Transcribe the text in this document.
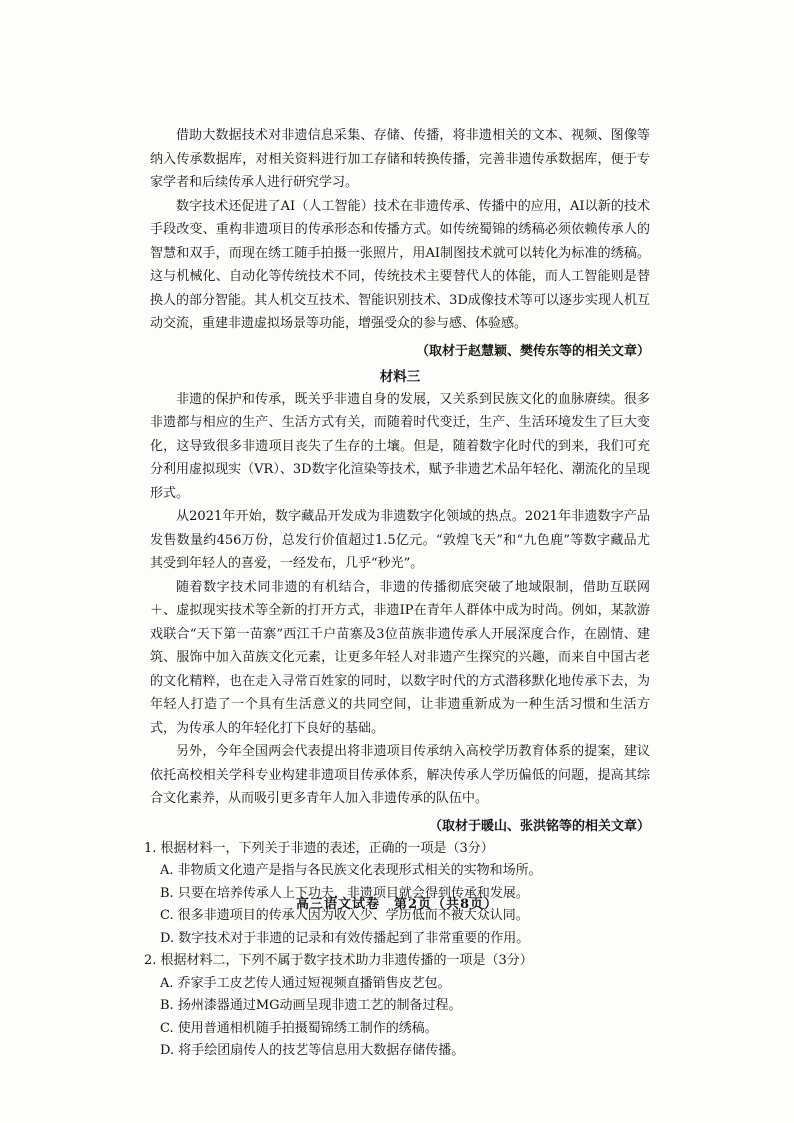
借助大数据技术对非遗信息采集、存储、传播，将非遗相关的文本、视频、图像等纳入传承数据库，对相关资料进行加工存储和转换传播，完善非遗传承数据库，便于专家学者和后续传承人进行研究学习。

数字技术还促进了AI（人工智能）技术在非遗传承、传播中的应用，AI以新的技术手段改变、重构非遗项目的传承形态和传播方式。如传统蜀锦的绣稿必须依赖传承人的智慧和双手，而现在绣工随手拍摄一张照片，用AI制图技术就可以转化为标准的绣稿。这与机械化、自动化等传统技术不同，传统技术主要替代人的体能，而人工智能则是替换人的部分智能。其人机交互技术、智能识别技术、3D成像技术等可以逐步实现人机互动交流，重建非遗虚拟场景等功能，增强受众的参与感、体验感。

（取材于赵慧颖、樊传东等的相关文章）

材料三

非遗的保护和传承，既关乎非遗自身的发展，又关系到民族文化的血脉赓续。很多非遗都与相应的生产、生活方式有关，而随着时代变迁，生产、生活环境发生了巨大变化，这导致很多非遗项目丧失了生存的土壤。但是，随着数字化时代的到来，我们可充分利用虚拟现实（VR）、3D数字化渲染等技术，赋予非遗艺术品年轻化、潮流化的呈现形式。

从2021年开始，数字藏品开发成为非遗数字化领域的热点。2021年非遗数字产品发售数量约456万份，总发行价值超过1.5亿元。“敦煌飞天”和“九色鹿”等数字藏品尤其受到年轻人的喜爱，一经发布，几乎“秒光”。

随着数字技术同非遗的有机结合，非遗的传播彻底突破了地域限制，借助互联网＋、虚拟现实技术等全新的打开方式，非遗IP在青年人群体中成为时尚。例如，某款游戏联合“天下第一苗寨”西江千户苗寨及3位苗族非遗传承人开展深度合作，在剧情、建筑、服饰中加入苗族文化元素，让更多年轻人对非遗产生探究的兴趣，而来自中国古老的文化精粹，也在走入寻常百姓家的同时，以数字时代的方式潜移默化地传承下去，为年轻人打造了一个具有生活意义的共同空间，让非遗重新成为一种生活习惯和生活方式，为传承人的年轻化打下良好的基础。

另外，今年全国两会代表提出将非遗项目传承纳入高校学历教育体系的提案，建议依托高校相关学科专业构建非遗项目传承体系，解决传承人学历偏低的问题，提高其综合文化素养，从而吸引更多青年人加入非遗传承的队伍中。

（取材于暖山、张洪铭等的相关文章）

1. 根据材料一，下列关于非遗的表述，正确的一项是（3分）

A. 非物质文化遗产是指与各民族文化表现形式相关的实物和场所。

B. 只要在培养传承人上下功夫，非遗项目就会得到传承和发展。

C. 很多非遗项目的传承人因为收入少、学历低而不被大众认同。

D. 数字技术对于非遗的记录和有效传播起到了非常重要的作用。

2. 根据材料二，下列不属于数字技术助力非遗传播的一项是（3分）

A. 乔家手工皮艺传人通过短视频直播销售皮艺包。

B. 扬州漆器通过MG动画呈现非遗工艺的制备过程。

C. 使用普通相机随手拍摄蜀锦绣工制作的绣稿。

D. 将手绘团扇传人的技艺等信息用大数据存储传播。

高三语文试卷　第2页（共8页）
